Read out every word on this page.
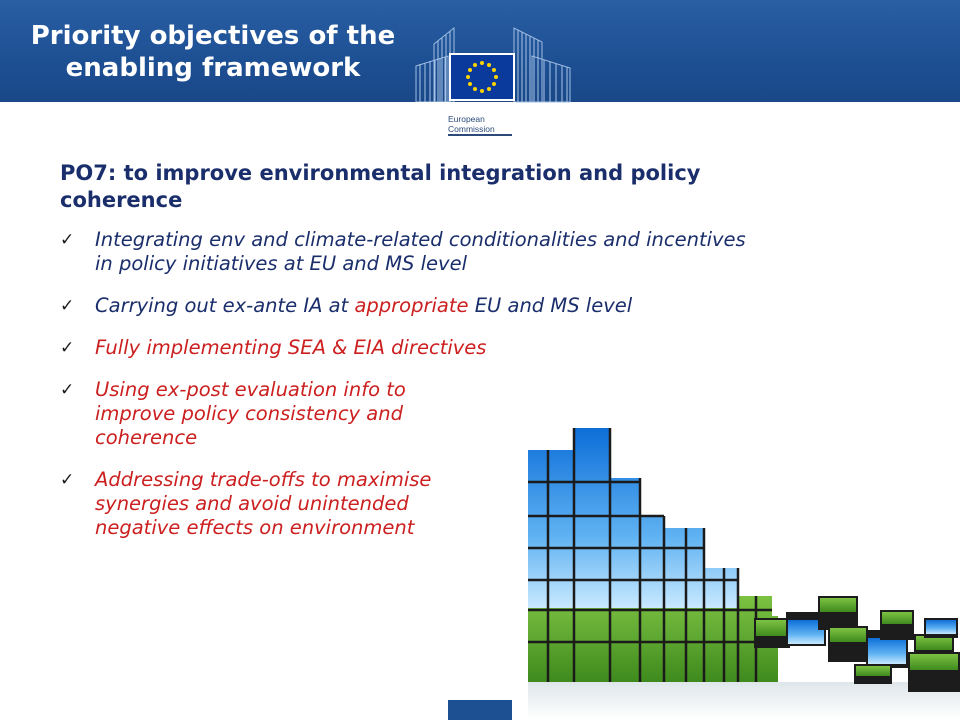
Priority objectives of the
enabling framework
European
Commission
PO7: to improve environmental integration and policy
coherence
✓ Integrating env and climate-related conditionalities and incentives
in policy initiatives at EU and MS level
✓ Carrying out ex-ante IA at appropriate EU and MS level
✓ Fully implementing SEA & EIA directives
✓ Using ex-post evaluation info to
improve policy consistency and
coherence
✓ Addressing trade-offs to maximise
synergies and avoid unintended
negative effects on environment
